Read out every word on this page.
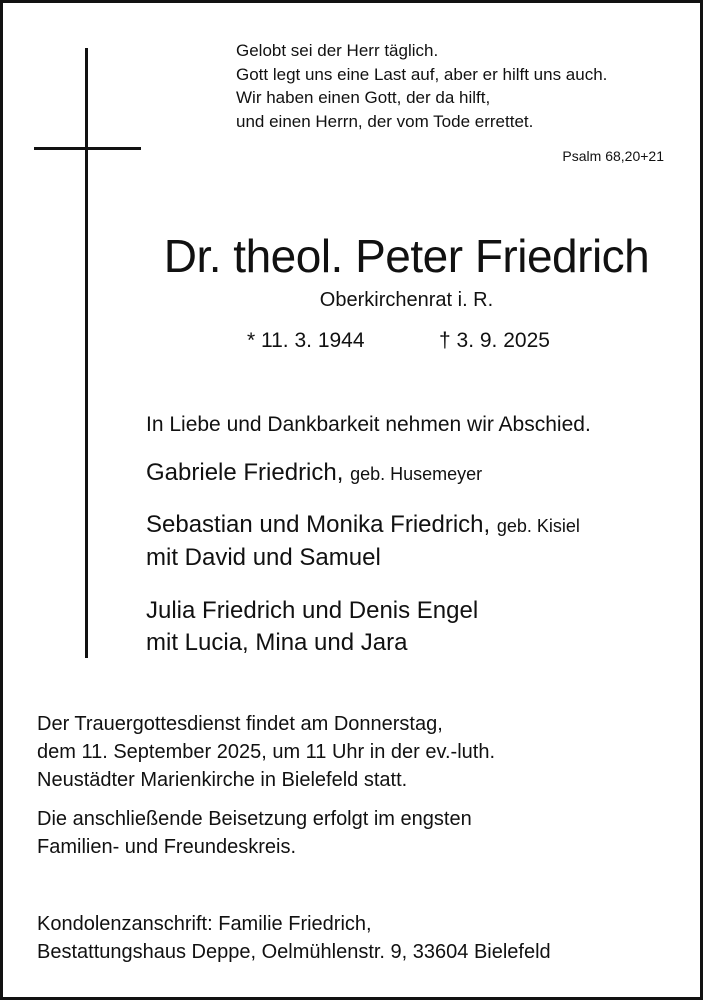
Gelobt sei der Herr täglich.
Gott legt uns eine Last auf, aber er hilft uns auch.
Wir haben einen Gott, der da hilft,
und einen Herrn, der vom Tode errettet.
Psalm 68,20+21
Dr. theol. Peter Friedrich
Oberkirchenrat i. R.
* 11. 3. 1944	† 3. 9. 2025
In Liebe und Dankbarkeit nehmen wir Abschied.
Gabriele Friedrich, geb. Husemeyer
Sebastian und Monika Friedrich, geb. Kisiel
mit David und Samuel
Julia Friedrich und Denis Engel
mit Lucia, Mina und Jara
Der Trauergottesdienst findet am Donnerstag,
dem 11. September 2025, um 11 Uhr in der ev.-luth.
Neustädter Marienkirche in Bielefeld statt.
Die anschließende Beisetzung erfolgt im engsten
Familien- und Freundeskreis.
Kondolenzanschrift: Familie Friedrich,
Bestattungshaus Deppe, Oelmühlenstr. 9, 33604 Bielefeld
